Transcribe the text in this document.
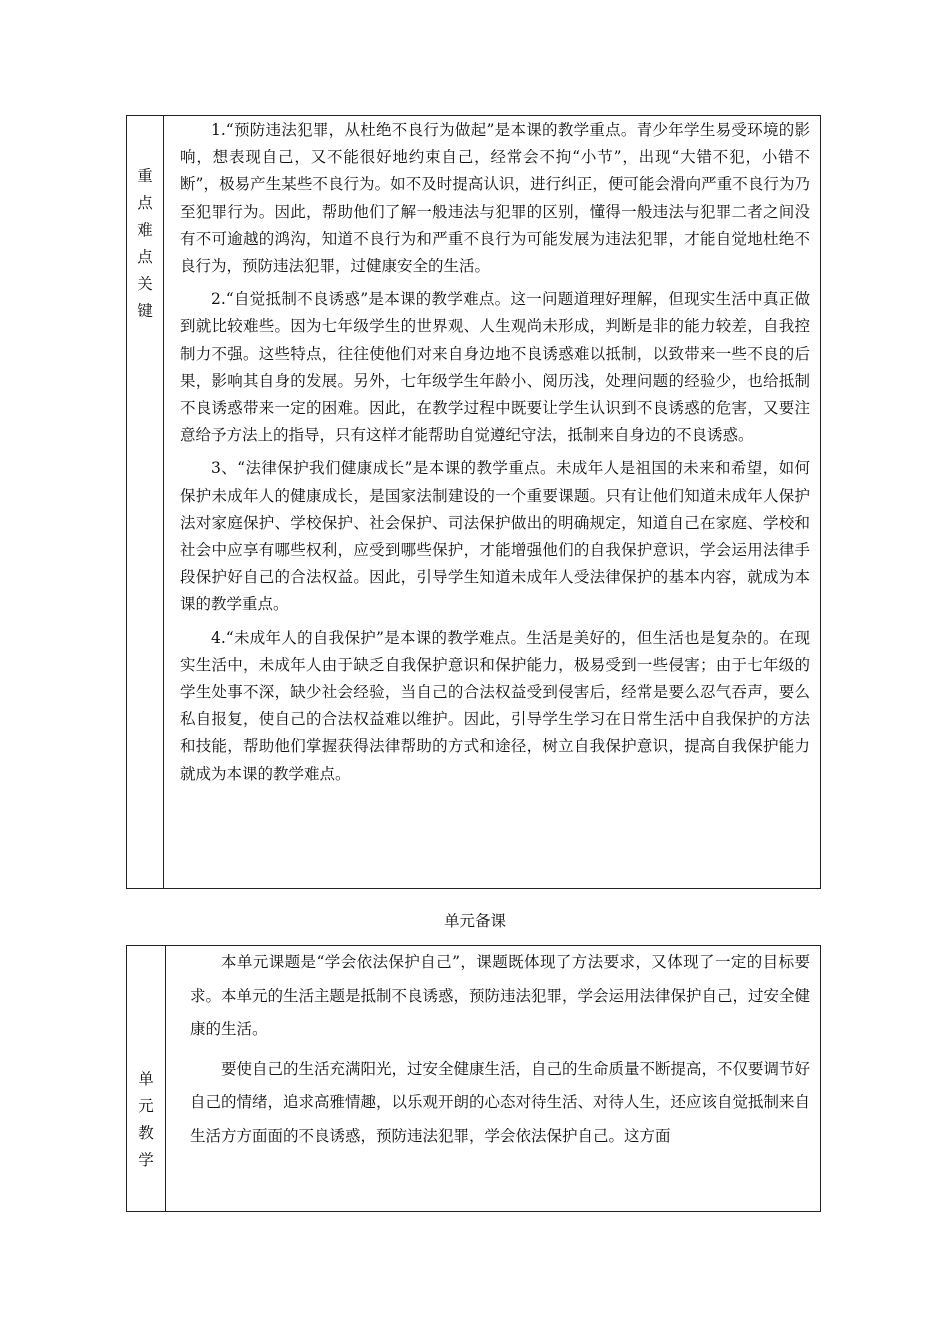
重
点
难
点
关
键

1.“预防违法犯罪，从杜绝不良行为做起”是本课的教学重点。青少年学生易受环境的影响，想表现自己，又不能很好地约束自己，经常会不拘“小节”，出现“大错不犯，小错不断”，极易产生某些不良行为。如不及时提高认识，进行纠正，便可能会滑向严重不良行为乃至犯罪行为。因此，帮助他们了解一般违法与犯罪的区别，懂得一般违法与犯罪二者之间没有不可逾越的鸿沟，知道不良行为和严重不良行为可能发展为违法犯罪，才能自觉地杜绝不良行为，预防违法犯罪，过健康安全的生活。

2.“自觉抵制不良诱惑”是本课的教学难点。这一问题道理好理解，但现实生活中真正做到就比较难些。因为七年级学生的世界观、人生观尚未形成，判断是非的能力较差，自我控制力不强。这些特点，往往使他们对来自身边地不良诱惑难以抵制，以致带来一些不良的后果，影响其自身的发展。另外，七年级学生年龄小、阅历浅，处理问题的经验少，也给抵制不良诱惑带来一定的困难。因此，在教学过程中既要让学生认识到不良诱惑的危害，又要注意给予方法上的指导，只有这样才能帮助自觉遵纪守法，抵制来自身边的不良诱惑。

3、“法律保护我们健康成长”是本课的教学重点。未成年人是祖国的未来和希望，如何保护未成年人的健康成长，是国家法制建设的一个重要课题。只有让他们知道未成年人保护法对家庭保护、学校保护、社会保护、司法保护做出的明确规定，知道自己在家庭、学校和社会中应享有哪些权利，应受到哪些保护，才能增强他们的自我保护意识，学会运用法律手段保护好自己的合法权益。因此，引导学生知道未成年人受法律保护的基本内容，就成为本课的教学重点。

4.“未成年人的自我保护”是本课的教学难点。生活是美好的，但生活也是复杂的。在现实生活中，未成年人由于缺乏自我保护意识和保护能力，极易受到一些侵害；由于七年级的学生处事不深，缺少社会经验，当自己的合法权益受到侵害后，经常是要么忍气吞声，要么私自报复，使自己的合法权益难以维护。因此，引导学生学习在日常生活中自我保护的方法和技能，帮助他们掌握获得法律帮助的方式和途径，树立自我保护意识，提高自我保护能力就成为本课的教学难点。

单元备课
单
元
教
学

本单元课题是“学会依法保护自己”，课题既体现了方法要求，又体现了一定的目标要求。本单元的生活主题是抵制不良诱惑，预防违法犯罪，学会运用法律保护自己，过安全健康的生活。

要使自己的生活充满阳光，过安全健康生活，自己的生命质量不断提高，不仅要调节好自己的情绪，追求高雅情趣，以乐观开朗的心态对待生活、对待人生，还应该自觉抵制来自生活方方面面的不良诱惑，预防违法犯罪，学会依法保护自己。这方面
